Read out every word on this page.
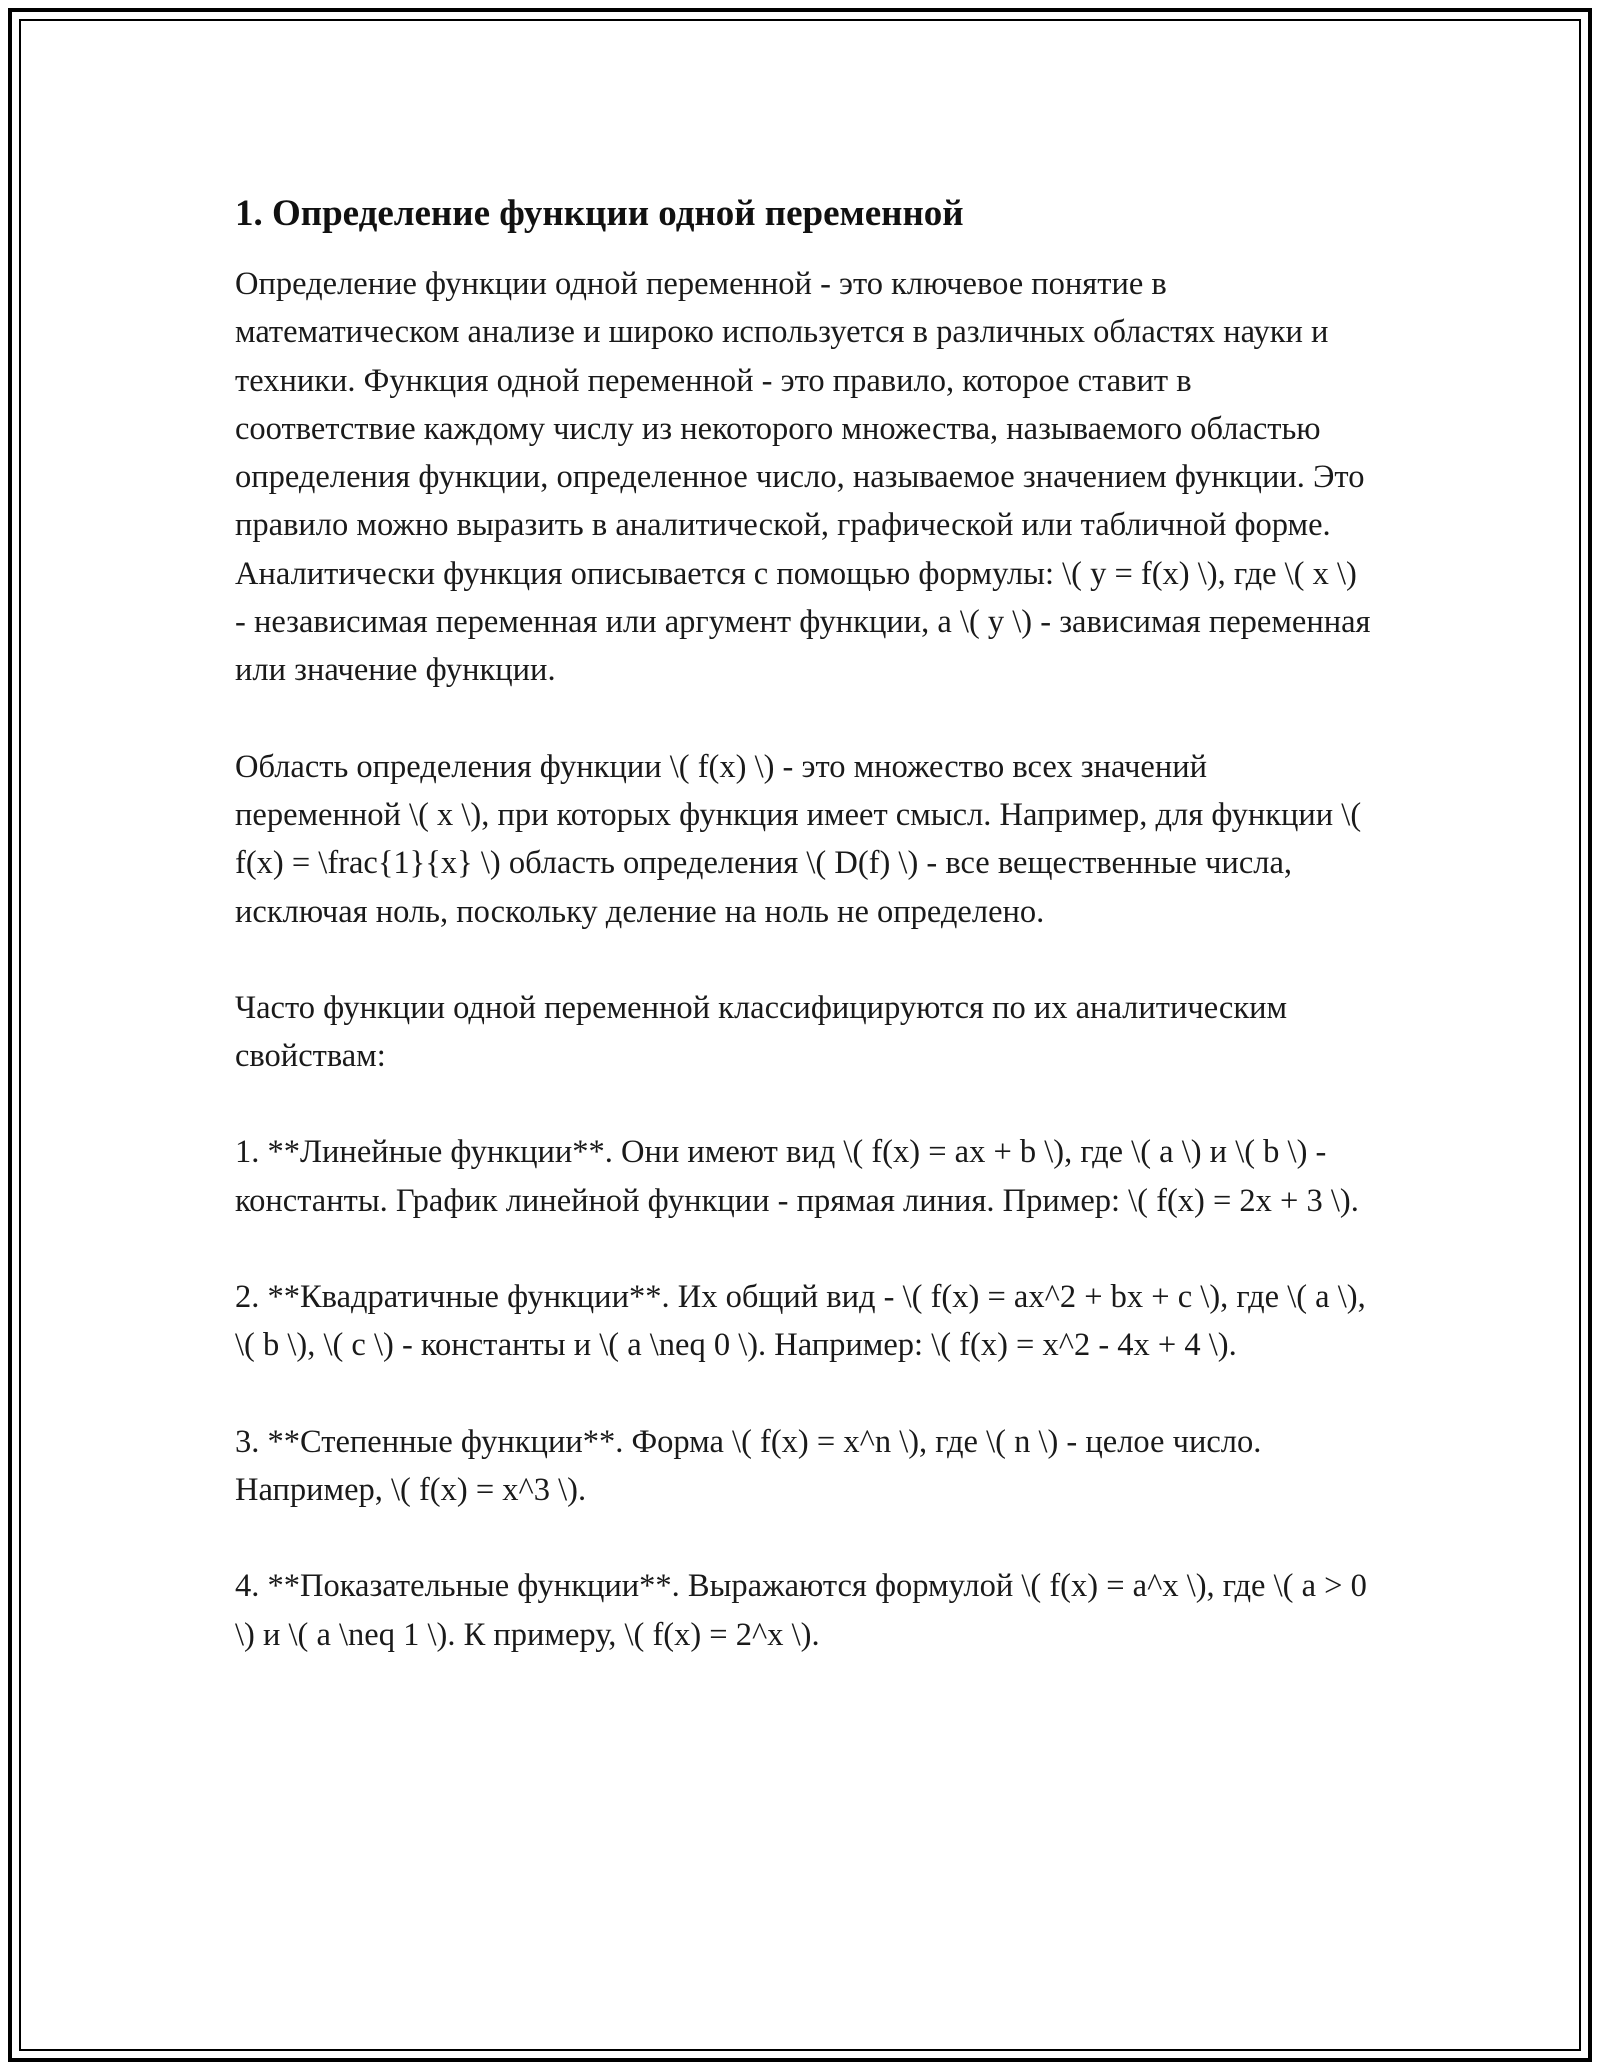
1. Определение функции одной переменной

Определение функции одной переменной - это ключевое понятие в математическом анализе и широко используется в различных областях науки и техники. Функция одной переменной - это правило, которое ставит в соответствие каждому числу из некоторого множества, называемого областью определения функции, определенное число, называемое значением функции. Это правило можно выразить в аналитической, графической или табличной форме. Аналитически функция описывается с помощью формулы: \( y = f(x) \), где \( x \) - независимая переменная или аргумент функции, а \( y \) - зависимая переменная или значение функции.

Область определения функции \( f(x) \) - это множество всех значений переменной \( x \), при которых функция имеет смысл. Например, для функции \( f(x) = \frac{1}{x} \) область определения \( D(f) \) - все вещественные числа, исключая ноль, поскольку деление на ноль не определено.

Часто функции одной переменной классифицируются по их аналитическим свойствам:

1. **Линейные функции**. Они имеют вид \( f(x) = ax + b \), где \( a \) и \( b \) - константы. График линейной функции - прямая линия. Пример: \( f(x) = 2x + 3 \).

2. **Квадратичные функции**. Их общий вид - \( f(x) = ax^2 + bx + c \), где \( a \), \( b \), \( c \) - константы и \( a \neq 0 \). Например: \( f(x) = x^2 - 4x + 4 \).

3. **Степенные функции**. Форма \( f(x) = x^n \), где \( n \) - целое число. Например, \( f(x) = x^3 \).

4. **Показательные функции**. Выражаются формулой \( f(x) = a^x \), где \( a > 0 \) и \( a \neq 1 \). К примеру, \( f(x) = 2^x \).
